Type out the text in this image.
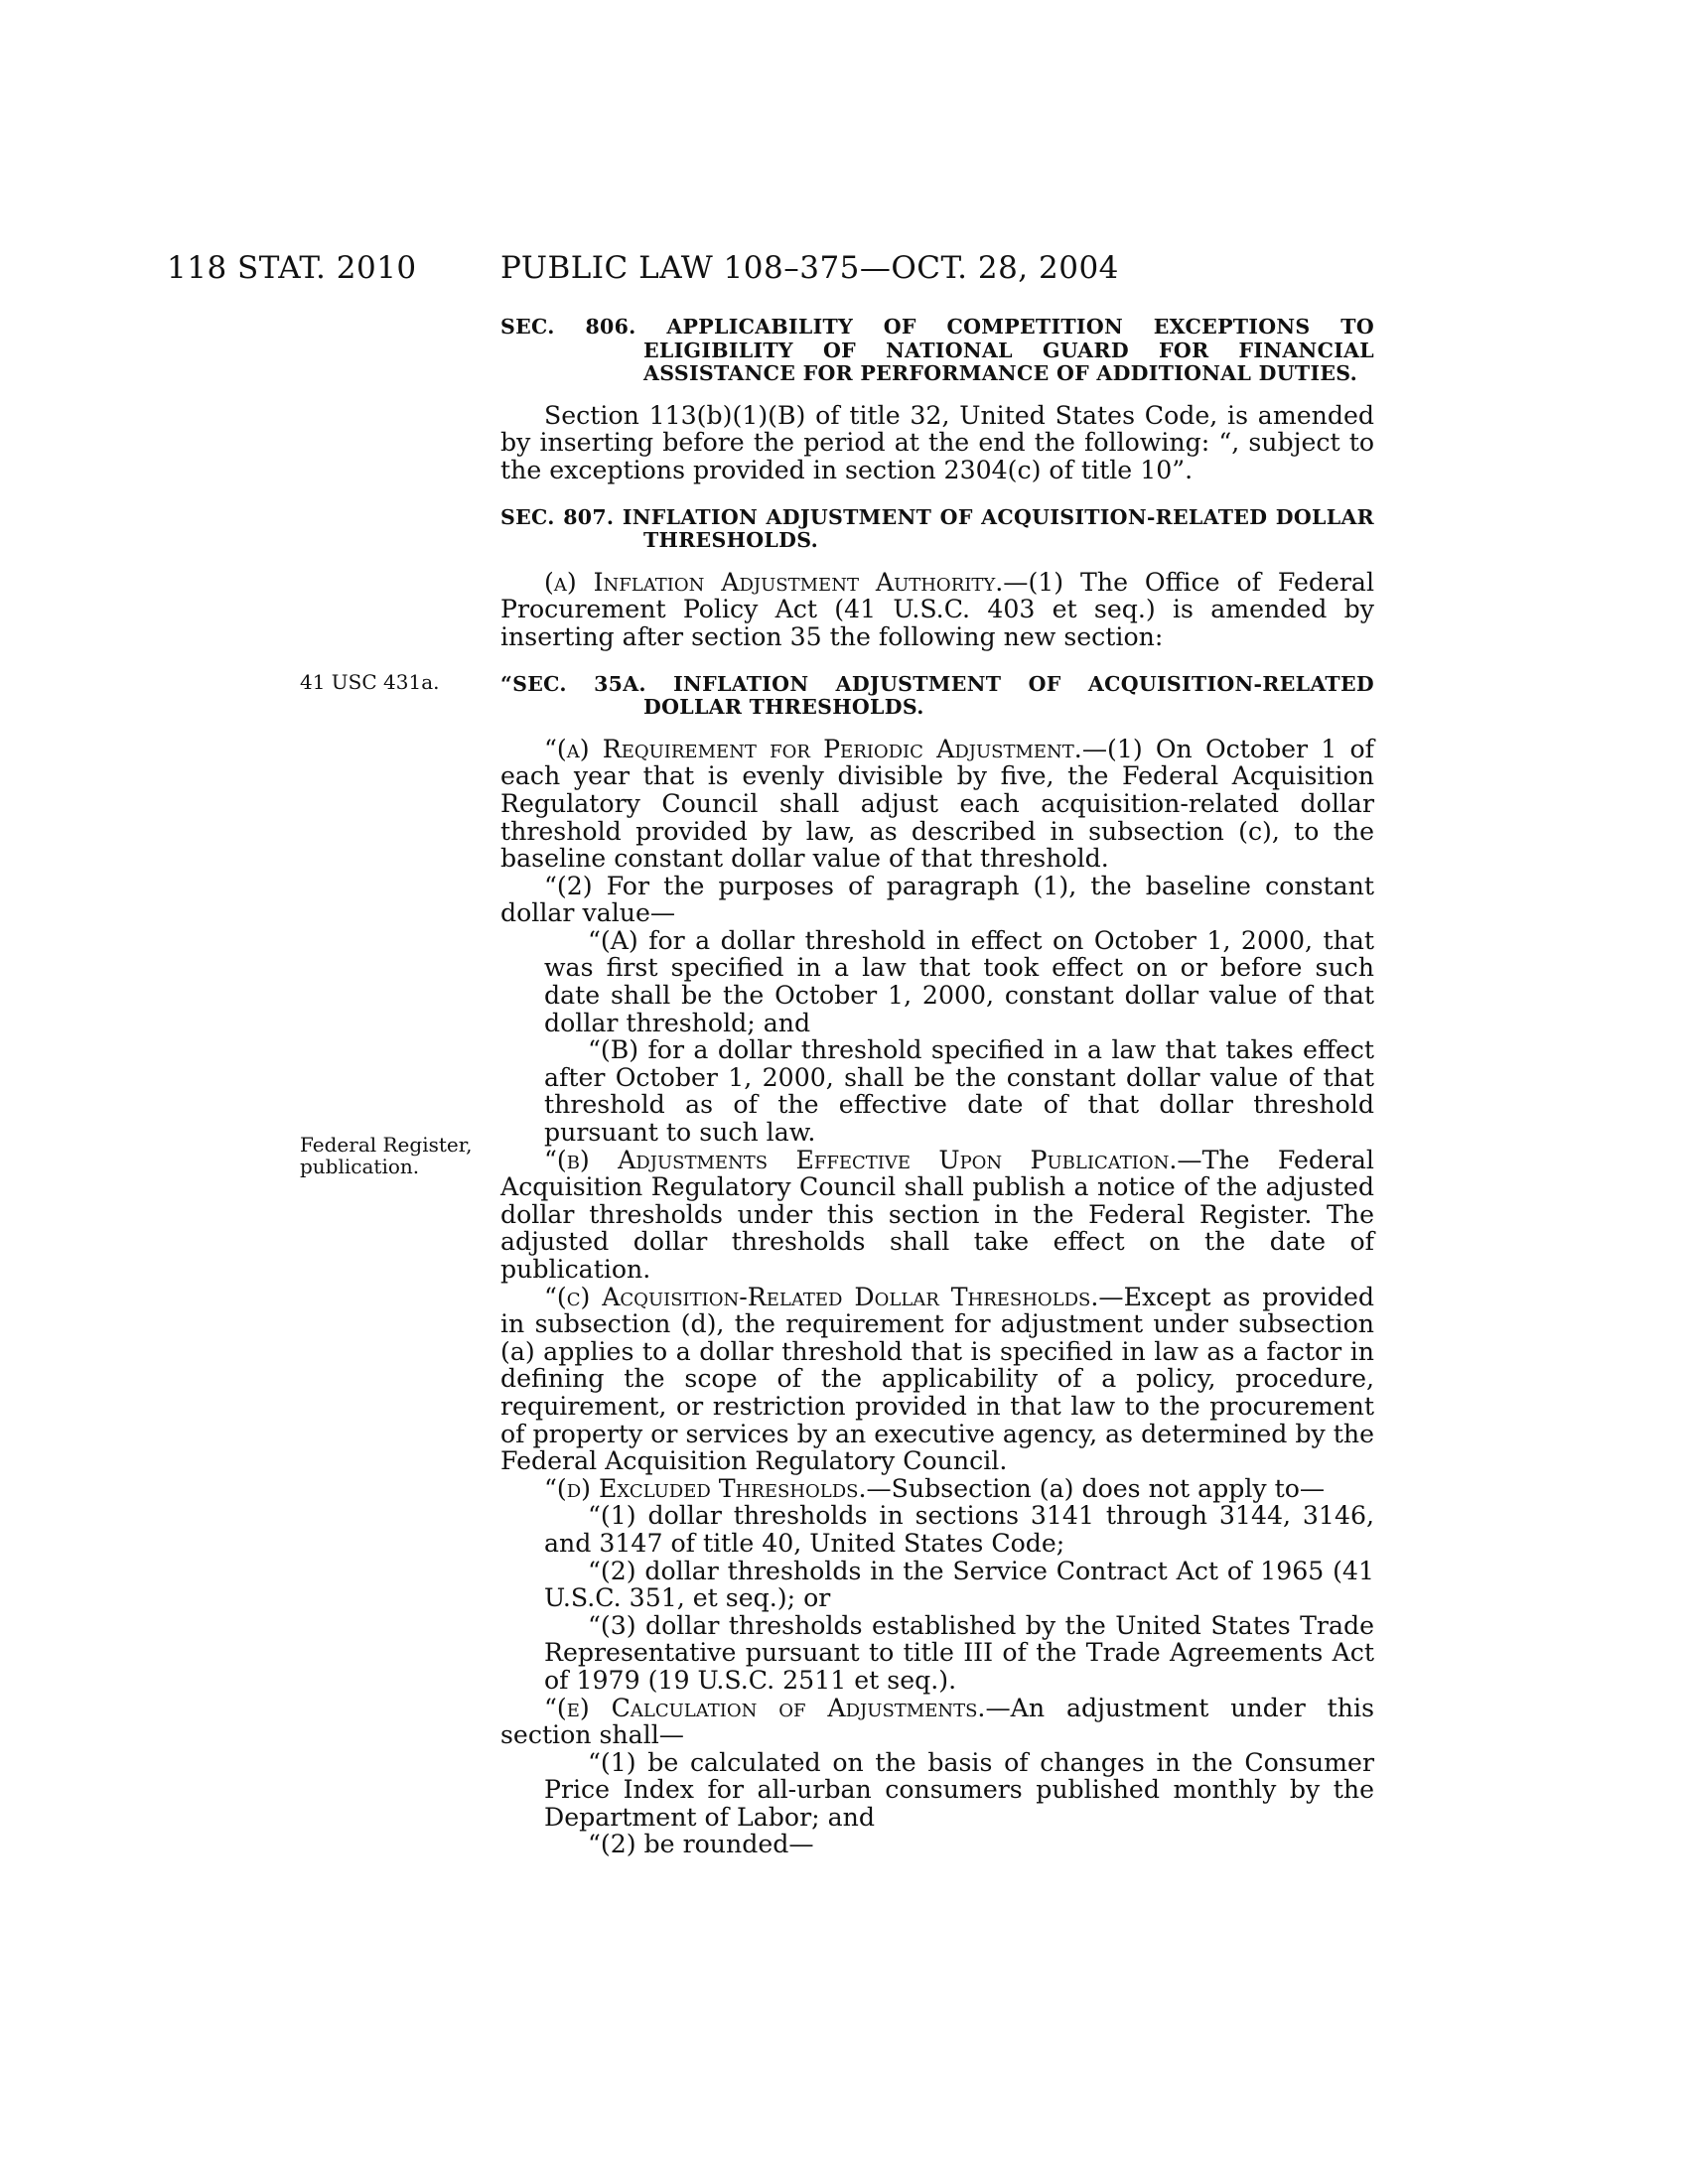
118 STAT. 2010	PUBLIC LAW 108–375—OCT. 28, 2004
41 USC 431a.
Federal Register,
publication.

SEC. 806. APPLICABILITY OF COMPETITION EXCEPTIONS TO ELIGIBILITY OF NATIONAL GUARD FOR FINANCIAL ASSISTANCE FOR PERFORMANCE OF ADDITIONAL DUTIES.

Section 113(b)(1)(B) of title 32, United States Code, is amended by inserting before the period at the end the following: “, subject to the exceptions provided in section 2304(c) of title 10”.

SEC. 807. INFLATION ADJUSTMENT OF ACQUISITION-RELATED DOLLAR THRESHOLDS.

(a) Inflation Adjustment Authority.—(1) The Office of Federal Procurement Policy Act (41 U.S.C. 403 et seq.) is amended by inserting after section 35 the following new section:

“SEC. 35A. INFLATION ADJUSTMENT OF ACQUISITION-RELATED DOLLAR THRESHOLDS.

“(a) Requirement for Periodic Adjustment.—(1) On October 1 of each year that is evenly divisible by five, the Federal Acquisition Regulatory Council shall adjust each acquisition-related dollar threshold provided by law, as described in subsection (c), to the baseline constant dollar value of that threshold.

“(2) For the purposes of paragraph (1), the baseline constant dollar value—

“(A) for a dollar threshold in effect on October 1, 2000, that was first specified in a law that took effect on or before such date shall be the October 1, 2000, constant dollar value of that dollar threshold; and

“(B) for a dollar threshold specified in a law that takes effect after October 1, 2000, shall be the constant dollar value of that threshold as of the effective date of that dollar threshold pursuant to such law.

“(b) Adjustments Effective Upon Publication.—The Federal Acquisition Regulatory Council shall publish a notice of the adjusted dollar thresholds under this section in the Federal Register. The adjusted dollar thresholds shall take effect on the date of publication.

“(c) Acquisition-Related Dollar Thresholds.—Except as provided in subsection (d), the requirement for adjustment under subsection (a) applies to a dollar threshold that is specified in law as a factor in defining the scope of the applicability of a policy, procedure, requirement, or restriction provided in that law to the procurement of property or services by an executive agency, as determined by the Federal Acquisition Regulatory Council.

“(d) Excluded Thresholds.—Subsection (a) does not apply to—

“(1) dollar thresholds in sections 3141 through 3144, 3146, and 3147 of title 40, United States Code;

“(2) dollar thresholds in the Service Contract Act of 1965 (41 U.S.C. 351, et seq.); or

“(3) dollar thresholds established by the United States Trade Representative pursuant to title III of the Trade Agreements Act of 1979 (19 U.S.C. 2511 et seq.).

“(e) Calculation of Adjustments.—An adjustment under this section shall—

“(1) be calculated on the basis of changes in the Consumer Price Index for all-urban consumers published monthly by the Department of Labor; and

“(2) be rounded—
